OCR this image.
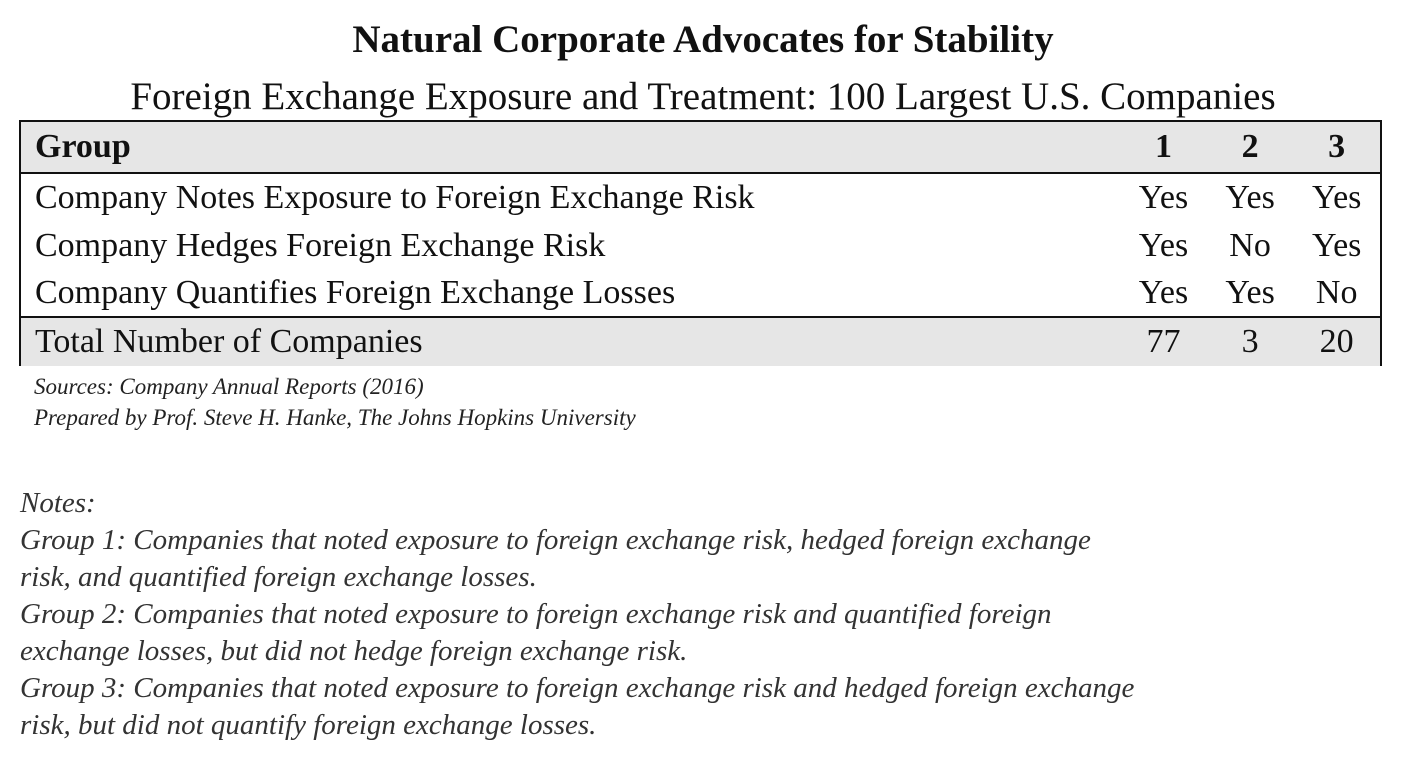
Natural Corporate Advocates for Stability
Foreign Exchange Exposure and Treatment: 100 Largest U.S. Companies
Group	1	2	3
Company Notes Exposure to Foreign Exchange Risk	Yes	Yes	Yes
Company Hedges Foreign Exchange Risk	Yes	No	Yes
Company Quantifies Foreign Exchange Losses	Yes	Yes	No
Total Number of Companies	77	3	20
Sources: Company Annual Reports (2016)
Prepared by Prof. Steve H. Hanke, The Johns Hopkins University
Notes:
Group 1: Companies that noted exposure to foreign exchange risk, hedged foreign exchange
risk, and quantified foreign exchange losses.
Group 2: Companies that noted exposure to foreign exchange risk and quantified foreign
exchange losses, but did not hedge foreign exchange risk.
Group 3: Companies that noted exposure to foreign exchange risk and hedged foreign exchange
risk, but did not quantify foreign exchange losses.
